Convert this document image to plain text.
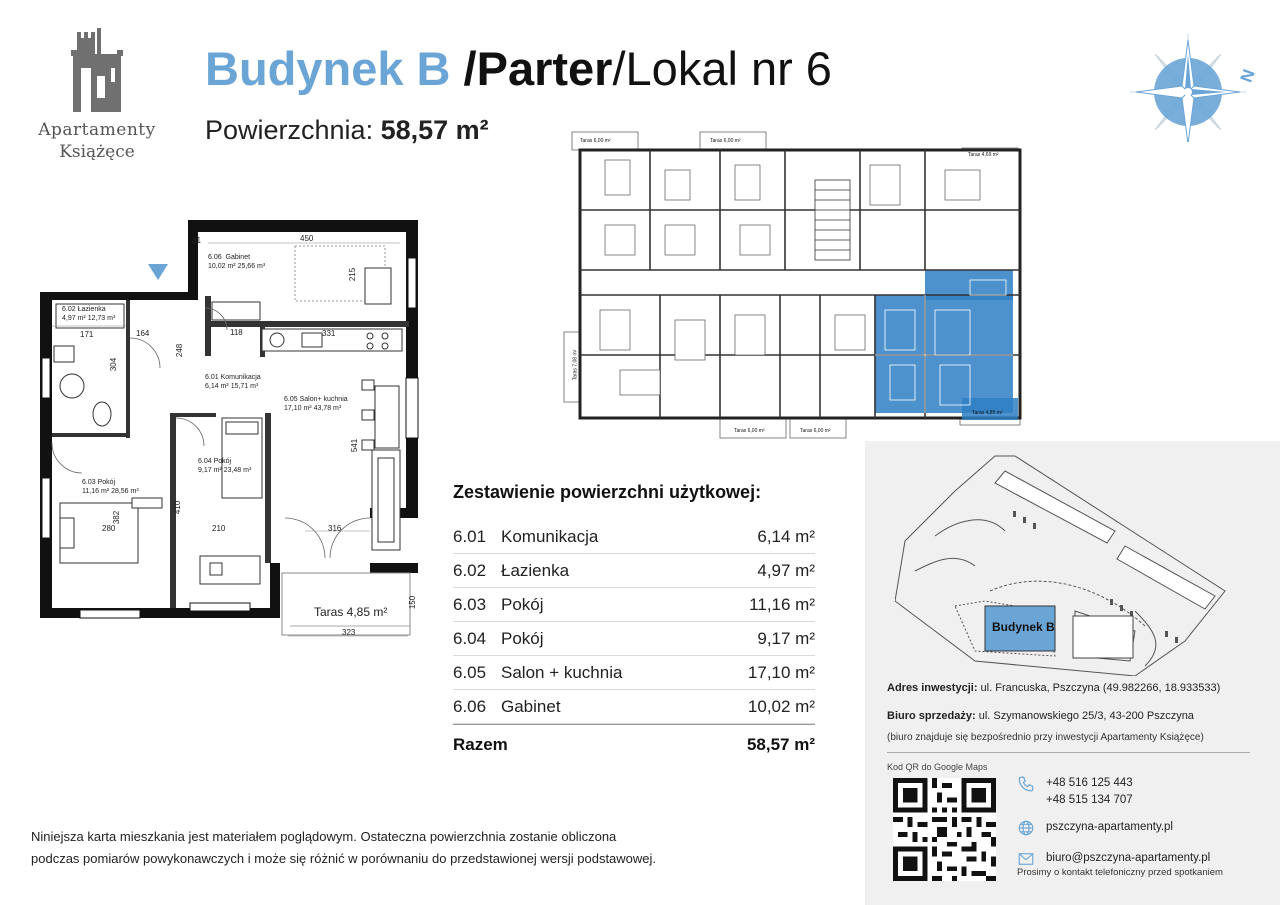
Apartamenty
Książęce
Budynek B /Parter/Lokal nr 6
Powierzchnia: 58,57 m²
N
6.06 Gabinet
10,02 m² 25,66 m³
6.02 Łazienka
4,97 m² 12,73 m³
6.01 Komunikacja
6,14 m² 15,71 m³
6.05 Salon+ kuchnia
17,10 m² 43,78 m³
6.03 Pokój
11,16 m² 28,56 m³
6.04 Pokój
9,17 m² 23,48 m³
450
31
215
171
304
164	118	331
248
541
410
382
280	210	316
150
323
Taras 4,85 m²
Taras 6,00 m²	Taras 6,00 m²
Taras 4,69 m²
Taras 7,08 m²
Taras 6,00 m²	Taras 6,00 m²
Taras 4,85 m²
Zestawienie powierzchni użytkowej:
6.01 Komunikacja	6,14 m²
6.02 Łazienka	4,97 m²
6.03 Pokój	11,16 m²
6.04 Pokój	9,17 m²
6.05 Salon + kuchnia	17,10 m²
6.06 Gabinet	10,02 m²
Razem	58,57 m²
Niniejsza karta mieszkania jest materiałem poglądowym. Ostateczna powierzchnia zostanie obliczona
podczas pomiarów powykonawczych i może się różnić w porównaniu do przedstawionej wersji podstawowej.
Budynek B
Adres inwestycji: ul. Francuska, Pszczyna (49.982266, 18.933533)
Biuro sprzedaży: ul. Szymanowskiego 25/3, 43-200 Pszczyna
(biuro znajduje się bezpośrednio przy inwestycji Apartamenty Książęce)
Kod QR do Google Maps
+48 516 125 443
+48 515 134 707
pszczyna-apartamenty.pl
biuro@pszczyna-apartamenty.pl
Prosimy o kontakt telefoniczny przed spotkaniem
